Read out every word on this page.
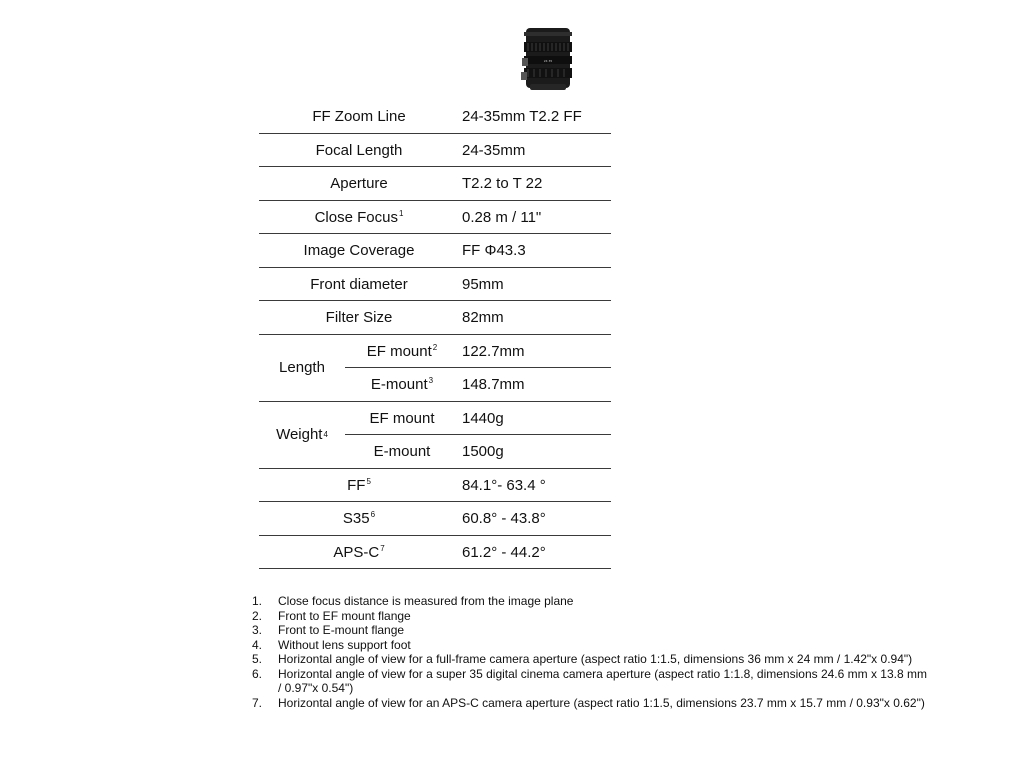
24 35
FF Zoom Line	24-35mm T2.2 FF
Focal Length	24-35mm
Aperture	T2.2 to T 22
Close Focus$^1$	0.28 m / 11"
Image Coverage	FF Φ43.3
Front diameter	95mm
Filter Size	82mm
Length
EF mount$^2$	122.7mm
E-mount$^3$	148.7mm
Weight 4
EF mount	1440g
E-mount	1500g
$FF^5$	84.1°- 63.4 °
$S35^6$	60.8° - 43.8°
APS-$C^7$	61.2° - 44.2°
1.	Close focus distance is measured from the image plane
2.	Front to EF mount flange
3.	Front to E-mount flange
4.	Without lens support foot
5.	Horizontal angle of view for a full-frame camera aperture (aspect ratio 1:1.5, dimensions 36 mm x 24 mm / 1.42"x 0.94")
6.	Horizontal angle of view for a super 35 digital cinema camera aperture (aspect ratio 1:1.8, dimensions 24.6 mm x 13.8 mm / 0.97"x 0.54")
7.	Horizontal angle of view for an APS-C camera aperture (aspect ratio 1:1.5, dimensions 23.7 mm x 15.7 mm / 0.93"x 0.62")
